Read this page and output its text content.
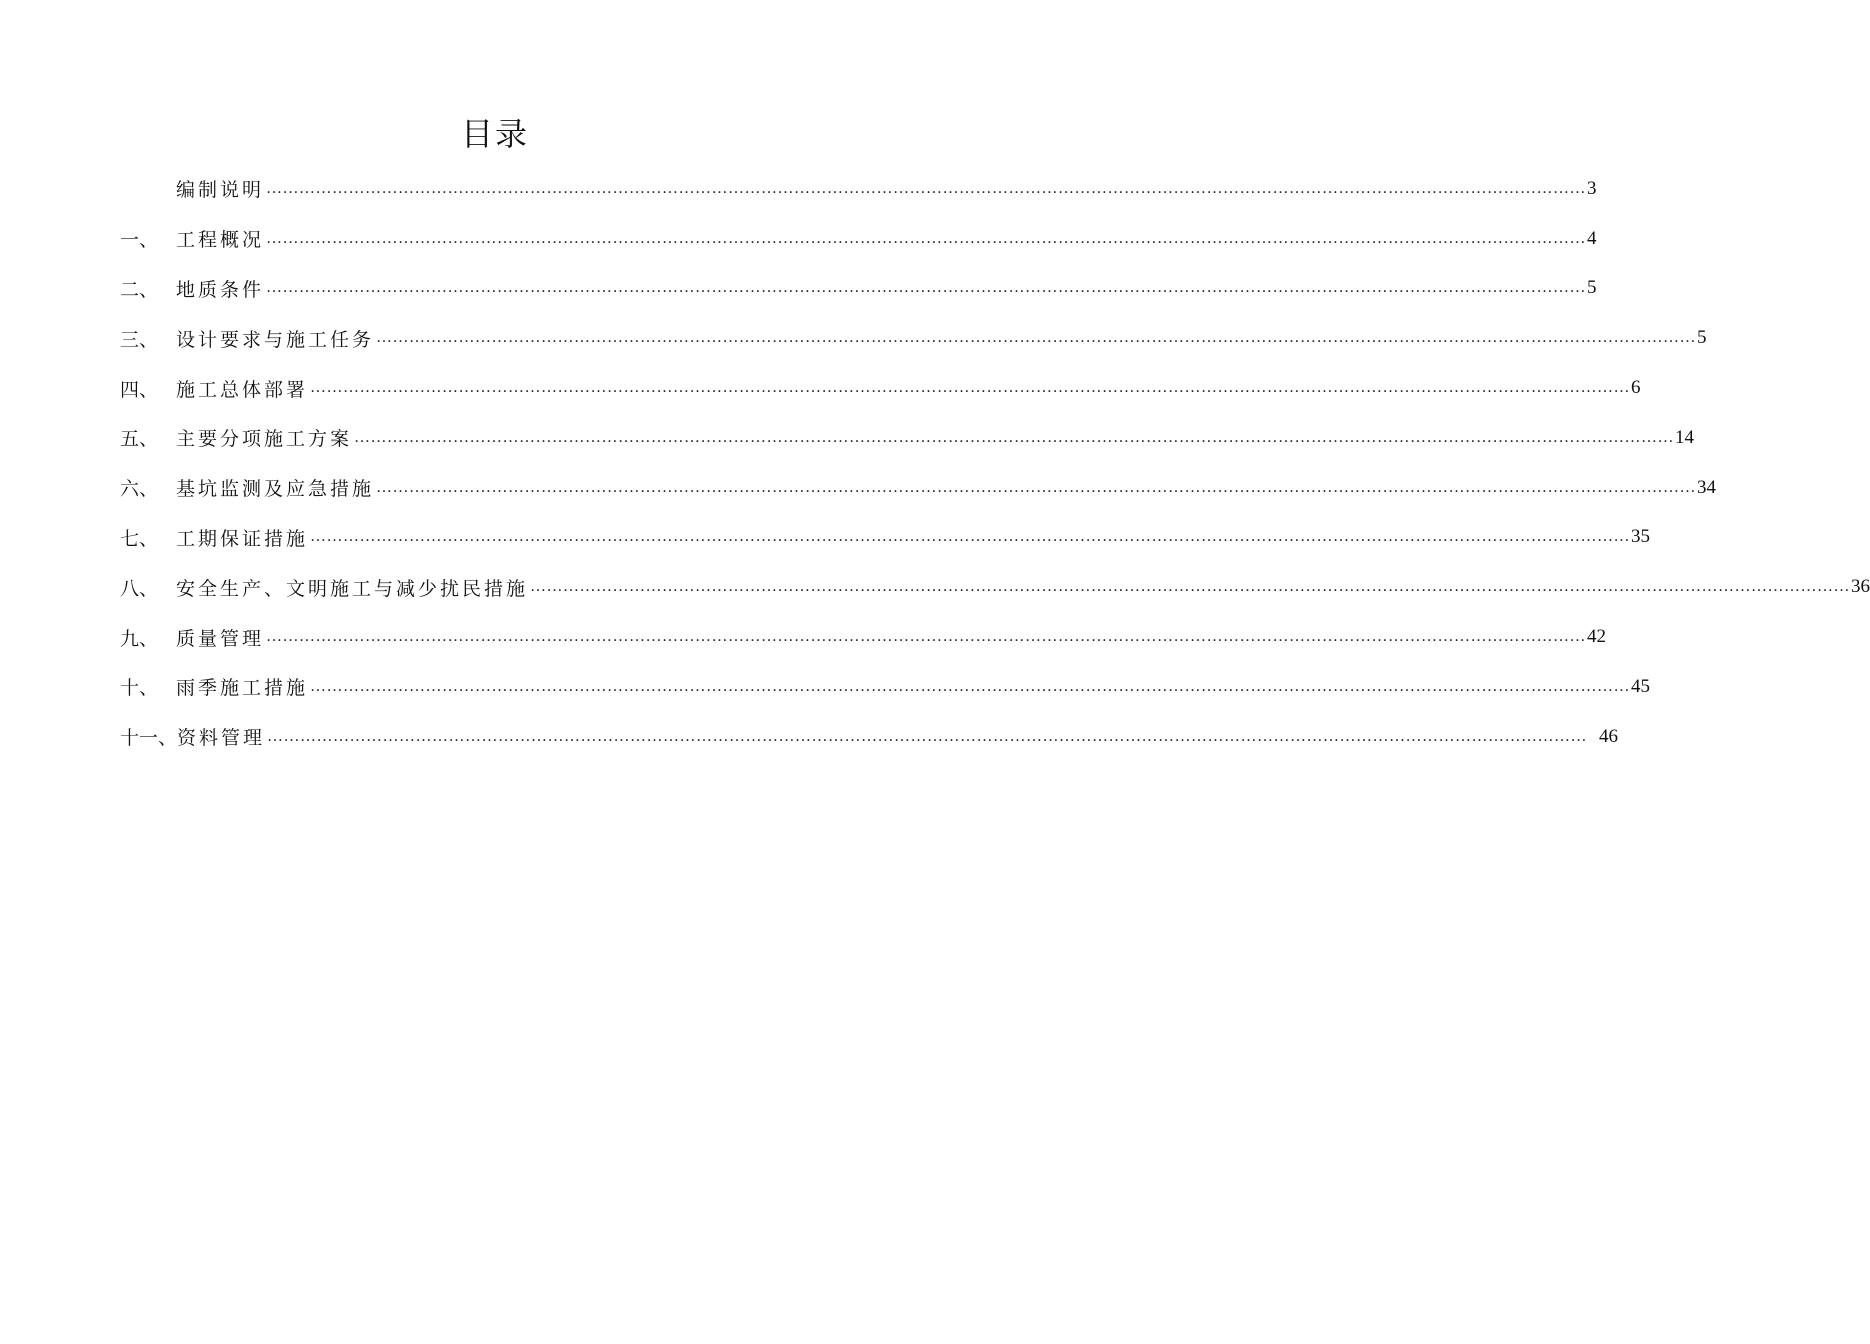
目录
编制说明 …………………………………………………………………………………………………………………………………………………………………………………………………………………… 3
一、 工程概况 …………………………………………………………………………………………………………………………………………………………………………………………………………………… 4
二、 地质条件 …………………………………………………………………………………………………………………………………………………………………………………………………………………… 5
三、 设计要求与施工任务 …………………………………………………………………………………………………………………………………………………………………………………………………………………… 5
四、 施工总体部署 …………………………………………………………………………………………………………………………………………………………………………………………………………………… 6
五、 主要分项施工方案 …………………………………………………………………………………………………………………………………………………………………………………………………………………… 14
六、 基坑监测及应急措施 …………………………………………………………………………………………………………………………………………………………………………………………………………………… 34
七、 工期保证措施 …………………………………………………………………………………………………………………………………………………………………………………………………………………… 35
八、 安全生产、文明施工与减少扰民措施 …………………………………………………………………………………………………………………………………………………………………………………………………………………… 36
九、 质量管理 …………………………………………………………………………………………………………………………………………………………………………………………………………………… 42
十、 雨季施工措施 …………………………………………………………………………………………………………………………………………………………………………………………………………………… 45
十一、 资料管理 …………………………………………………………………………………………………………………………………………………………………………………………………………………… 46
